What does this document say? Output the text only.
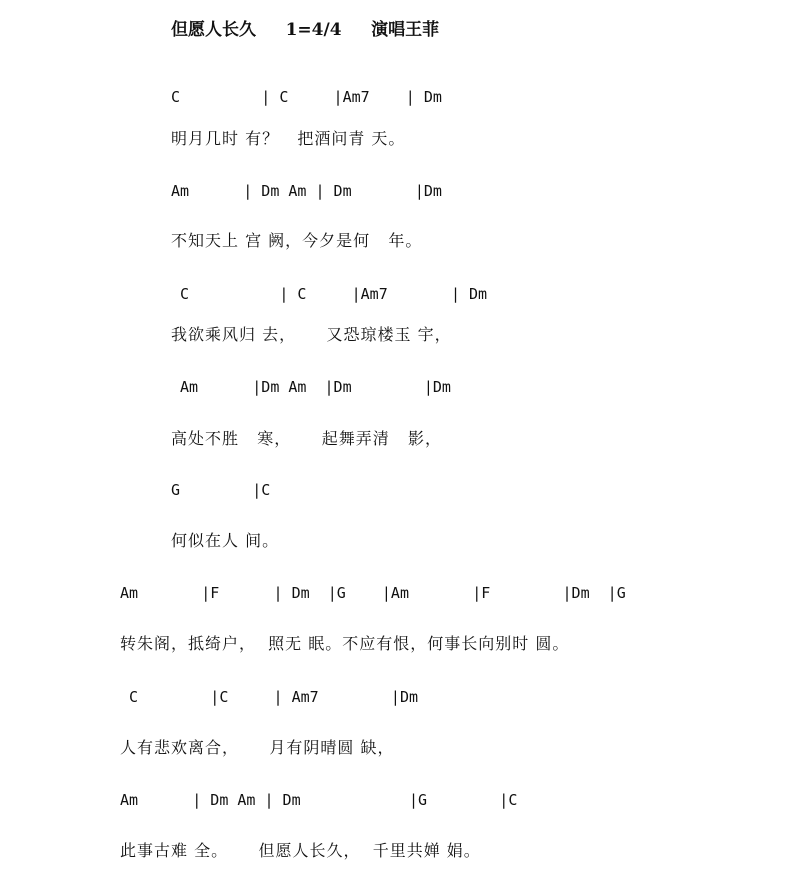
但愿人长久     1=4/4     演唱王菲
C         | C     |Am7    | Dm
明月几时 有？   把酒问青 天。
Am      | Dm Am | Dm       |Dm
不知天上 宫 阙，今夕是何   年。
C          | C     |Am7       | Dm
我欲乘风归 去，     又恐琼楼玉 宇，
Am      |Dm Am  |Dm        |Dm
高处不胜   寒，     起舞弄清   影，
G        |C
何似在人 间。
Am       |F      | Dm  |G    |Am       |F        |Dm  |G
转朱阁，抵绮户，  照无 眠。不应有恨，何事长向别时 圆。
C        |C     | Am7        |Dm
人有悲欢离合，     月有阴晴圆 缺，
Am      | Dm Am | Dm            |G        |C
此事古难 全。     但愿人长久，  千里共婵 娟。
